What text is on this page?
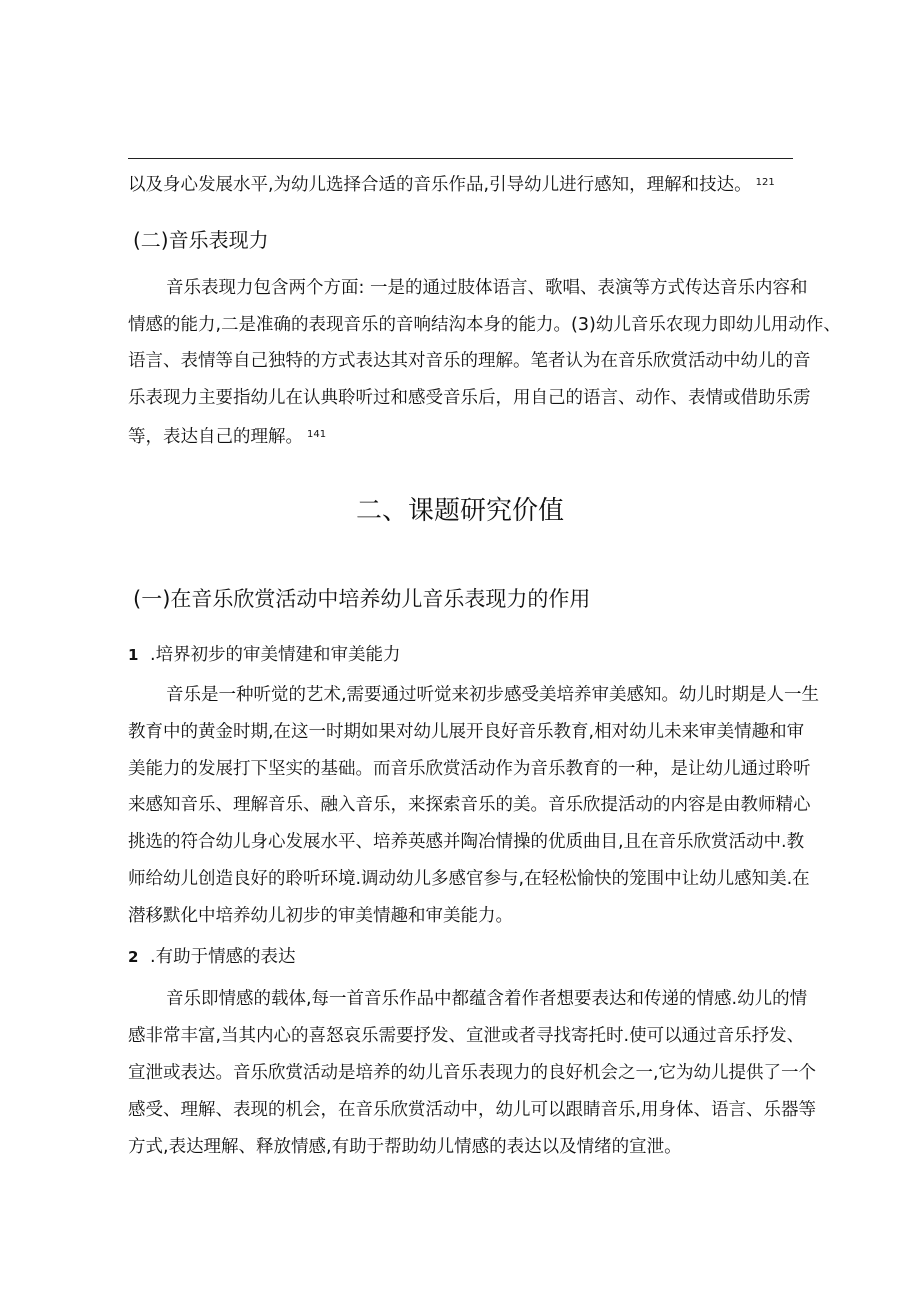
以及身心发展水平,为幼儿选择合适的音乐作品,引导幼儿进行感知，理解和技达。 $^{121}$
(二)音乐表现力
音乐表现力包含两个方面: 一是的通过肢体语言、歌唱、表演等方式传达音乐内容和
情感的能力,二是准确的表现音乐的音响结沟本身的能力。(3)幼儿音乐农现力即幼儿用动作、
语言、表情等自己独特的方式表达其对音乐的理解。笔者认为在音乐欣赏活动中幼儿的音
乐表现力主要指幼儿在认典聆听过和感受音乐后，用自己的语言、动作、表情或借助乐雳
等，表达自己的理解。 $^{141}$
二、课题研究价值
(一)在音乐欣赏活动中培养幼儿音乐表现力的作用
1 .培界初步的审美情建和审美能力
音乐是一种听觉的艺术,需要通过听觉来初步感受美培养审美感知。幼儿时期是人一生
教育中的黄金时期,在这一时期如果对幼儿展开良好音乐教育,相对幼儿未来审美情趣和审
美能力的发展打下坚实的基础。而音乐欣赏活动作为音乐教育的一种，是让幼儿通过聆听
来感知音乐、理解音乐、融入音乐，来探索音乐的美。音乐欣提活动的内容是由教师精心
挑选的符合幼儿身心发展水平、培养英感并陶冶情操的优质曲目,且在音乐欣赏活动中.教
师给幼儿创造良好的聆听环境.调动幼儿多感官参与,在轻松愉快的笼围中让幼儿感知美.在
潜移默化中培养幼儿初步的审美情趣和审美能力。
2 .有助于情感的表达
音乐即情感的载体,每一首音乐作品中都蕴含着作者想要表达和传递的情感.幼儿的情
感非常丰富,当其内心的喜怒哀乐需要抒发、宣泄或者寻找寄托时.使可以通过音乐抒发、
宣泄或表达。音乐欣赏活动是培养的幼儿音乐表现力的良好机会之一,它为幼儿提供了一个
感受、理解、表现的机会，在音乐欣赏活动中，幼儿可以跟睛音乐,用身体、语言、乐器等
方式,表达理解、释放情感,有助于帮助幼儿情感的表达以及情绪的宣泄。
